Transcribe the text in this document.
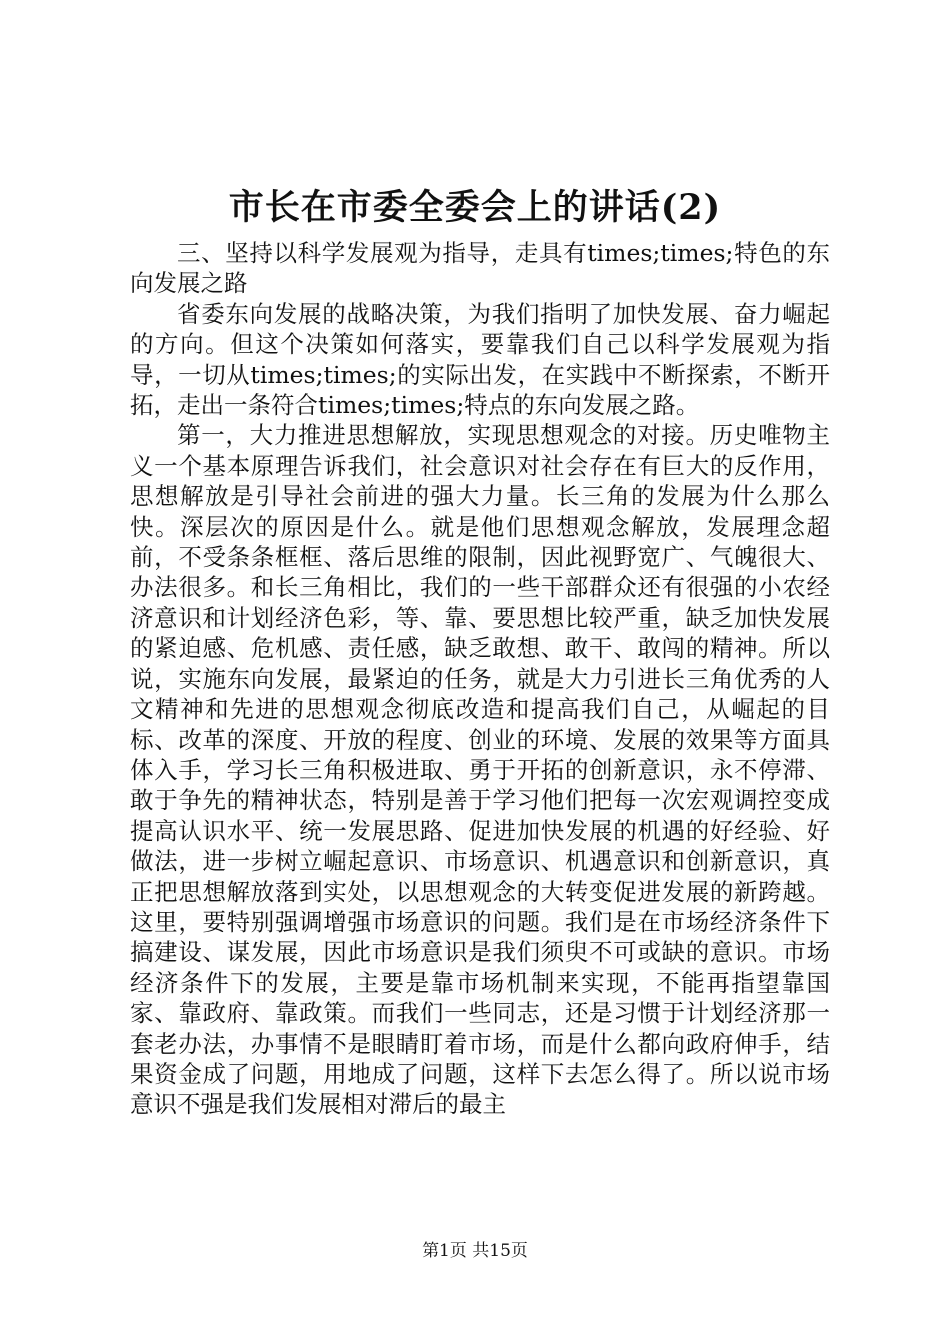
市长在市委全委会上的讲话(2)

三、坚持以科学发展观为指导，走具有times;times;特色的东向发展之路

省委东向发展的战略决策，为我们指明了加快发展、奋力崛起的方向。但这个决策如何落实，要靠我们自己以科学发展观为指导，一切从times;times;的实际出发，在实践中不断探索，不断开拓，走出一条符合times;times;特点的东向发展之路。

第一，大力推进思想解放，实现思想观念的对接。历史唯物主义一个基本原理告诉我们，社会意识对社会存在有巨大的反作用，思想解放是引导社会前进的强大力量。长三角的发展为什么那么快。深层次的原因是什么。就是他们思想观念解放，发展理念超前，不受条条框框、落后思维的限制，因此视野宽广、气魄很大、办法很多。和长三角相比，我们的一些干部群众还有很强的小农经济意识和计划经济色彩，等、靠、要思想比较严重，缺乏加快发展的紧迫感、危机感、责任感，缺乏敢想、敢干、敢闯的精神。所以说，实施东向发展，最紧迫的任务，就是大力引进长三角优秀的人文精神和先进的思想观念彻底改造和提高我们自己，从崛起的目标、改革的深度、开放的程度、创业的环境、发展的效果等方面具体入手，学习长三角积极进取、勇于开拓的创新意识，永不停滞、敢于争先的精神状态，特别是善于学习他们把每一次宏观调控变成提高认识水平、统一发展思路、促进加快发展的机遇的好经验、好做法，进一步树立崛起意识、市场意识、机遇意识和创新意识，真正把思想解放落到实处，以思想观念的大转变促进发展的新跨越。这里，要特别强调增强市场意识的问题。我们是在市场经济条件下搞建设、谋发展，因此市场意识是我们须臾不可或缺的意识。市场经济条件下的发展，主要是靠市场机制来实现，不能再指望靠国家、靠政府、靠政策。而我们一些同志，还是习惯于计划经济那一套老办法，办事情不是眼睛盯着市场，而是什么都向政府伸手，结果资金成了问题，用地成了问题，这样下去怎么得了。所以说市场意识不强是我们发展相对滞后的最主

第1页 共15页
